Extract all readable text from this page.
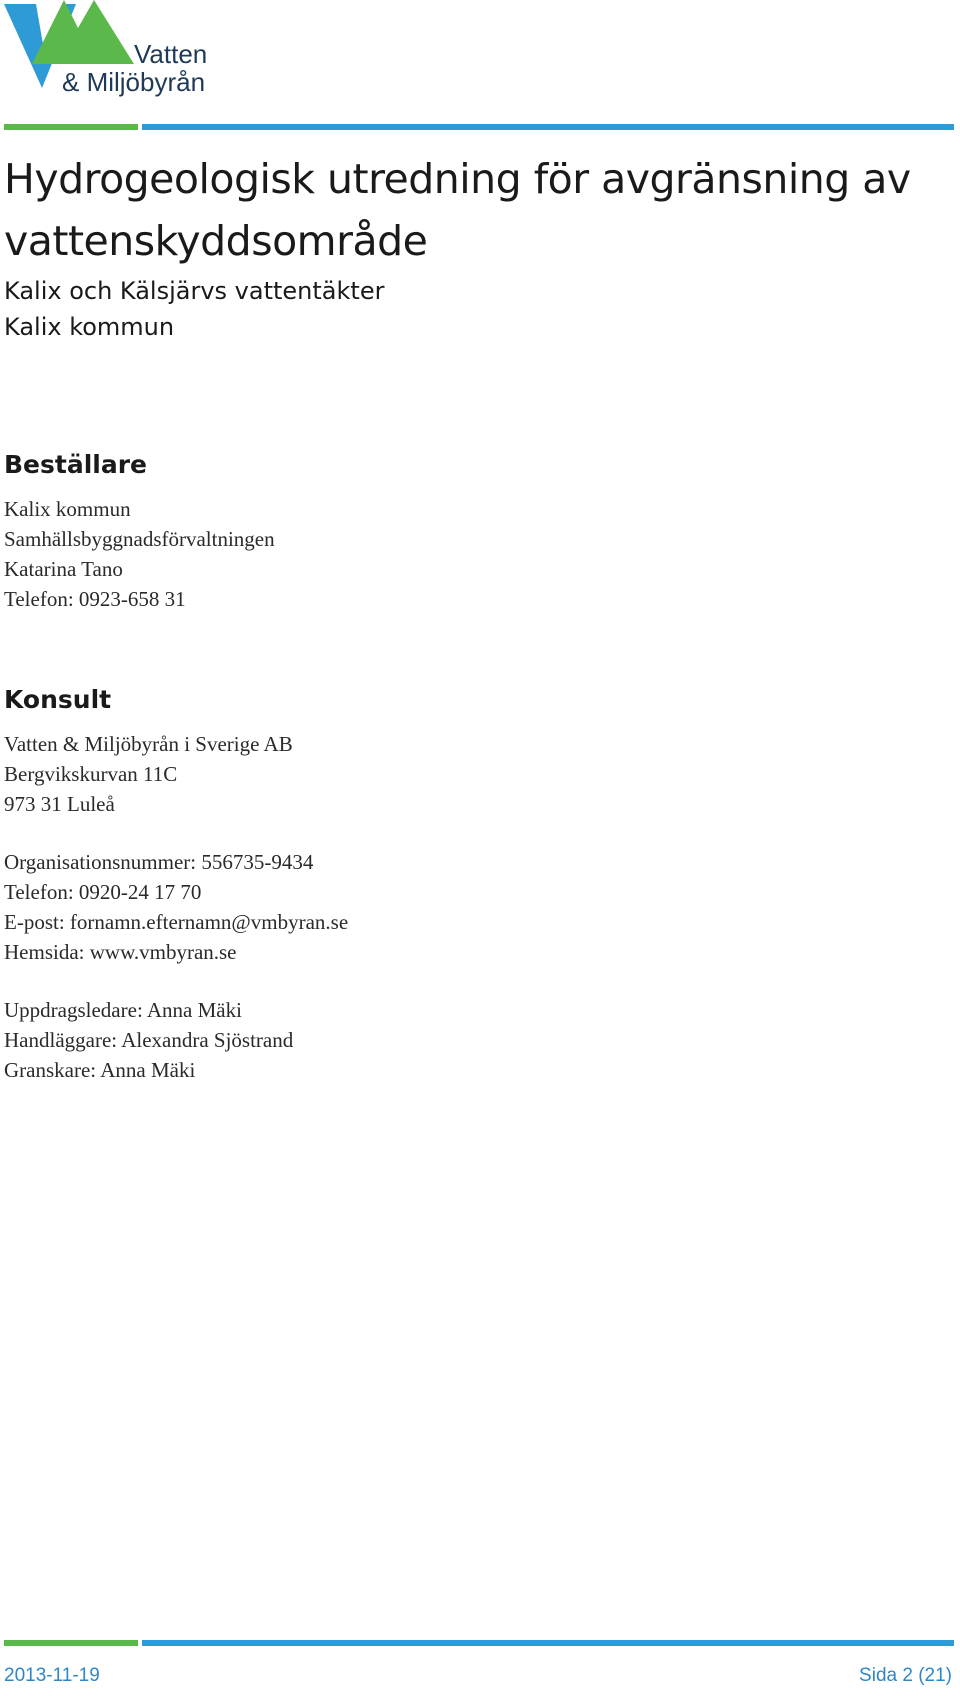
Vatten
& Miljöbyrån
Hydrogeologisk utredning för avgränsning av vattenskyddsområde
Kalix och Kälsjärvs vattentäkter
Kalix kommun
Beställare
Kalix kommun
Samhällsbyggnadsförvaltningen
Katarina Tano
Telefon: 0923-658 31
Konsult
Vatten & Miljöbyrån i Sverige AB
Bergvikskurvan 11C
973 31 Luleå
Organisationsnummer: 556735-9434
Telefon: 0920-24 17 70
E-post: fornamn.efternamn@vmbyran.se
Hemsida: www.vmbyran.se
Uppdragsledare: Anna Mäki
Handläggare: Alexandra Sjöstrand
Granskare: Anna Mäki
2013-11-19	Sida 2 (21)
